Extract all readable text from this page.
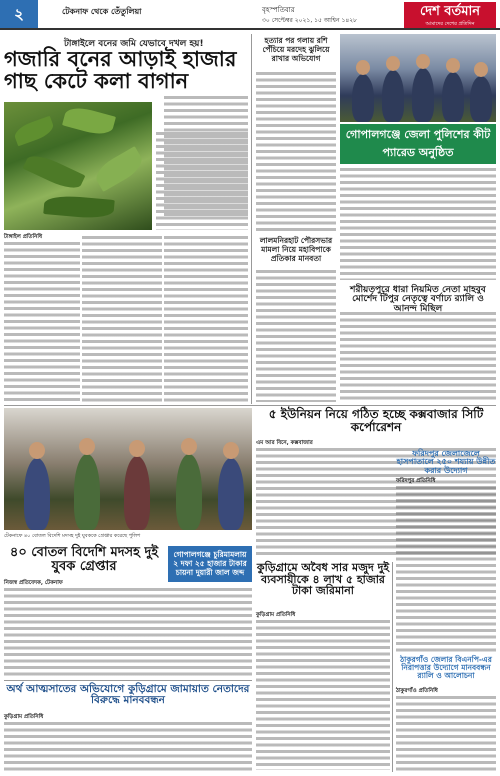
২	টেকনাফ থেকে তেঁতুলিয়া	বৃহস্পতিবার
৩০ সেপ্টেম্বর ২০২১, ১৫ আশ্বিন ১৪২৮
দেশ বর্তমান
আমাদের দেশের প্রতিদিন
টাঙ্গাইলে বনের জমি যেভাবে দখল হয়!
গজারি বনের আড়াই হাজার গাছ কেটে কলা বাগান
টাঙ্গাইল প্রতিনিধি
হত্যার পর গলায় রশি পেঁচিয়ে মরদেহ ঝুলিয়ে রাখার অভিযোগ
গোপালগঞ্জে জেলা পুলিশের কীট প্যারেড অনুষ্ঠিত
লালমনিরহাট পৌরসভার মামলা নিয়ে মহাবিপাকে প্রতিকার মানবতা
শরীয়তপুরে ধারা নিয়মিত নেতা মাহবুব মোর্শেদ টিপুর নেতৃত্বে বর্ণাঢ্য র‍্যালি ও আনন্দ মিছিল
৫ ইউনিয়ন নিয়ে গঠিত হচ্ছে কক্সবাজার সিটি কর্পোরেশন
এম আর বিনে, কক্সবাজার
টেকনাফে ৪০ বোতল বিদেশি মদসহ দুই যুবককে গ্রেপ্তার করেছে পুলিশ
৪০ বোতল বিদেশি মদসহ দুই যুবক গ্রেপ্তার
গোপালগঞ্জে চুরিমামলায় ২ দফা ২৫ হাজার টাকার চায়না দুয়ারী জাল জব্দ
নিজস্ব প্রতিবেদক, টেকনাফ
ফরিদপুর জেলাজেলে হাসপাতালে ২৫০ শয্যায় উন্নীত করার উদ্যোগ
কুড়িগ্রামে অবৈধ সার মজুদ দুই ব্যবসায়ীকে ৪ লাখ ৫ হাজার টাকা জরিমানা
কুড়িগ্রাম প্রতিনিধি
ফরিদপুর প্রতিনিধি
ঠাকুরগাঁও জেলার বিএনপি-এর নিরাপত্তার উদ্যোগে মানববন্ধন র‍্যালি ও আলোচনা
ঠাকুরগাঁও প্রতিনিধি
অর্থ আত্মসাতের অভিযোগে কুড়িগ্রামে জামায়াত নেতাদের বিরুদ্ধে মানববন্ধন
কুড়িগ্রাম প্রতিনিধি
